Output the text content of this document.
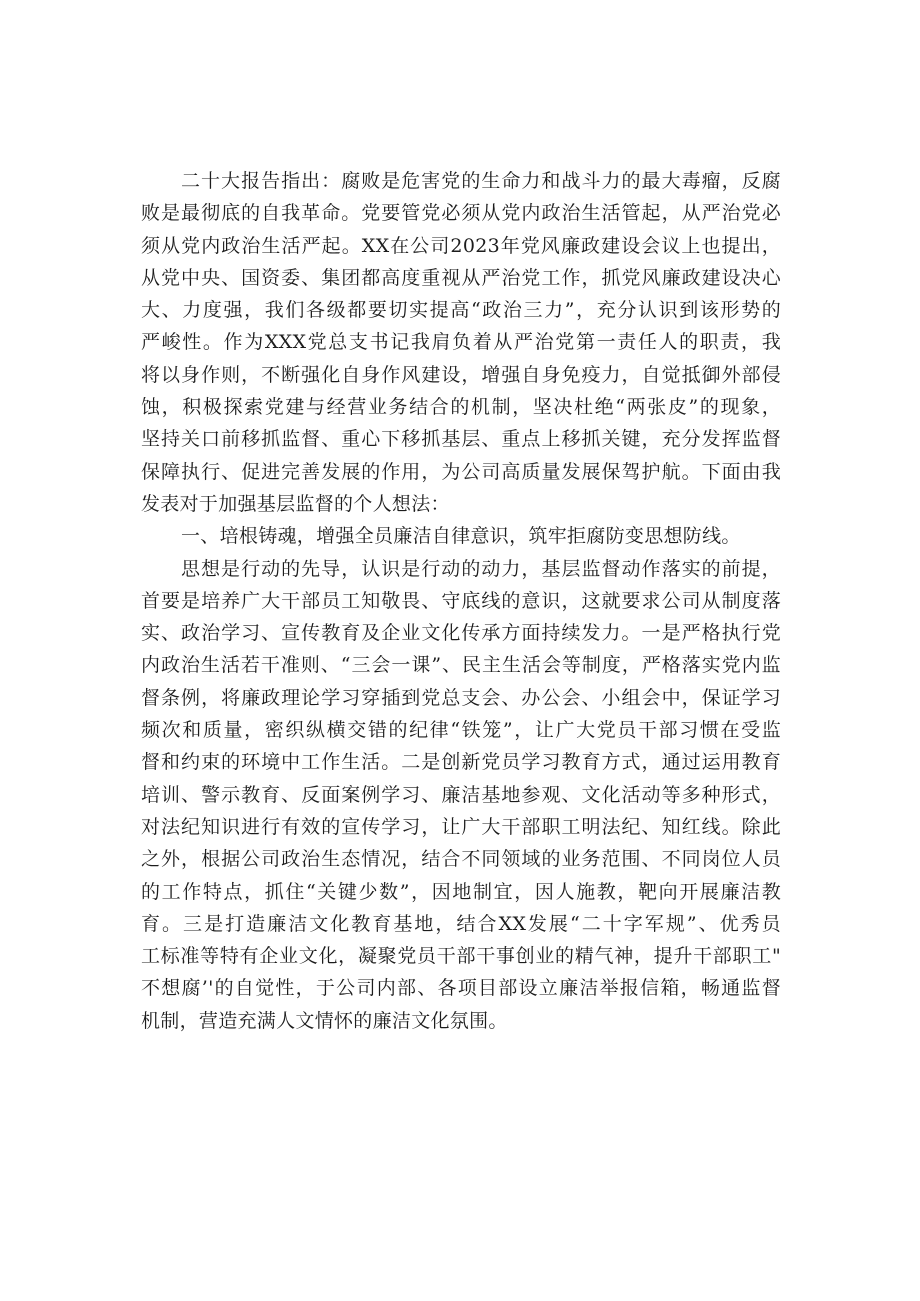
二十大报告指出：腐败是危害党的生命力和战斗力的最大毒瘤，反腐
败是最彻底的自我革命。党要管党必须从党内政治生活管起，从严治党必
须从党内政治生活严起。XX在公司2023年党风廉政建设会议上也提出，
从党中央、国资委、集团都高度重视从严治党工作，抓党风廉政建设决心
大、力度强，我们各级都要切实提高“政治三力”，充分认识到该形势的
严峻性。作为XXX党总支书记我肩负着从严治党第一责任人的职责，我
将以身作则，不断强化自身作风建设，增强自身免疫力，自觉抵御外部侵
蚀，积极探索党建与经营业务结合的机制，坚决杜绝“两张皮”的现象，
坚持关口前移抓监督、重心下移抓基层、重点上移抓关键，充分发挥监督
保障执行、促进完善发展的作用，为公司高质量发展保驾护航。下面由我
发表对于加强基层监督的个人想法：
一、培根铸魂，增强全员廉洁自律意识，筑牢拒腐防变思想防线。
思想是行动的先导，认识是行动的动力，基层监督动作落实的前提，
首要是培养广大干部员工知敬畏、守底线的意识，这就要求公司从制度落
实、政治学习、宣传教育及企业文化传承方面持续发力。一是严格执行党
内政治生活若干准则、“三会一课”、民主生活会等制度，严格落实党内监
督条例，将廉政理论学习穿插到党总支会、办公会、小组会中，保证学习
频次和质量，密织纵横交错的纪律“铁笼”，让广大党员干部习惯在受监
督和约束的环境中工作生活。二是创新党员学习教育方式，通过运用教育
培训、警示教育、反面案例学习、廉洁基地参观、文化活动等多种形式，
对法纪知识进行有效的宣传学习，让广大干部职工明法纪、知红线。除此
之外，根据公司政治生态情况，结合不同领域的业务范围、不同岗位人员
的工作特点，抓住“关键少数”，因地制宜，因人施教，靶向开展廉洁教
育。三是打造廉洁文化教育基地，结合XX发展“二十字军规”、优秀员
工标准等特有企业文化，凝聚党员干部干事创业的精气神，提升干部职工"
不想腐’'的自觉性，于公司内部、各项目部设立廉洁举报信箱，畅通监督
机制，营造充满人文情怀的廉洁文化氛围。
